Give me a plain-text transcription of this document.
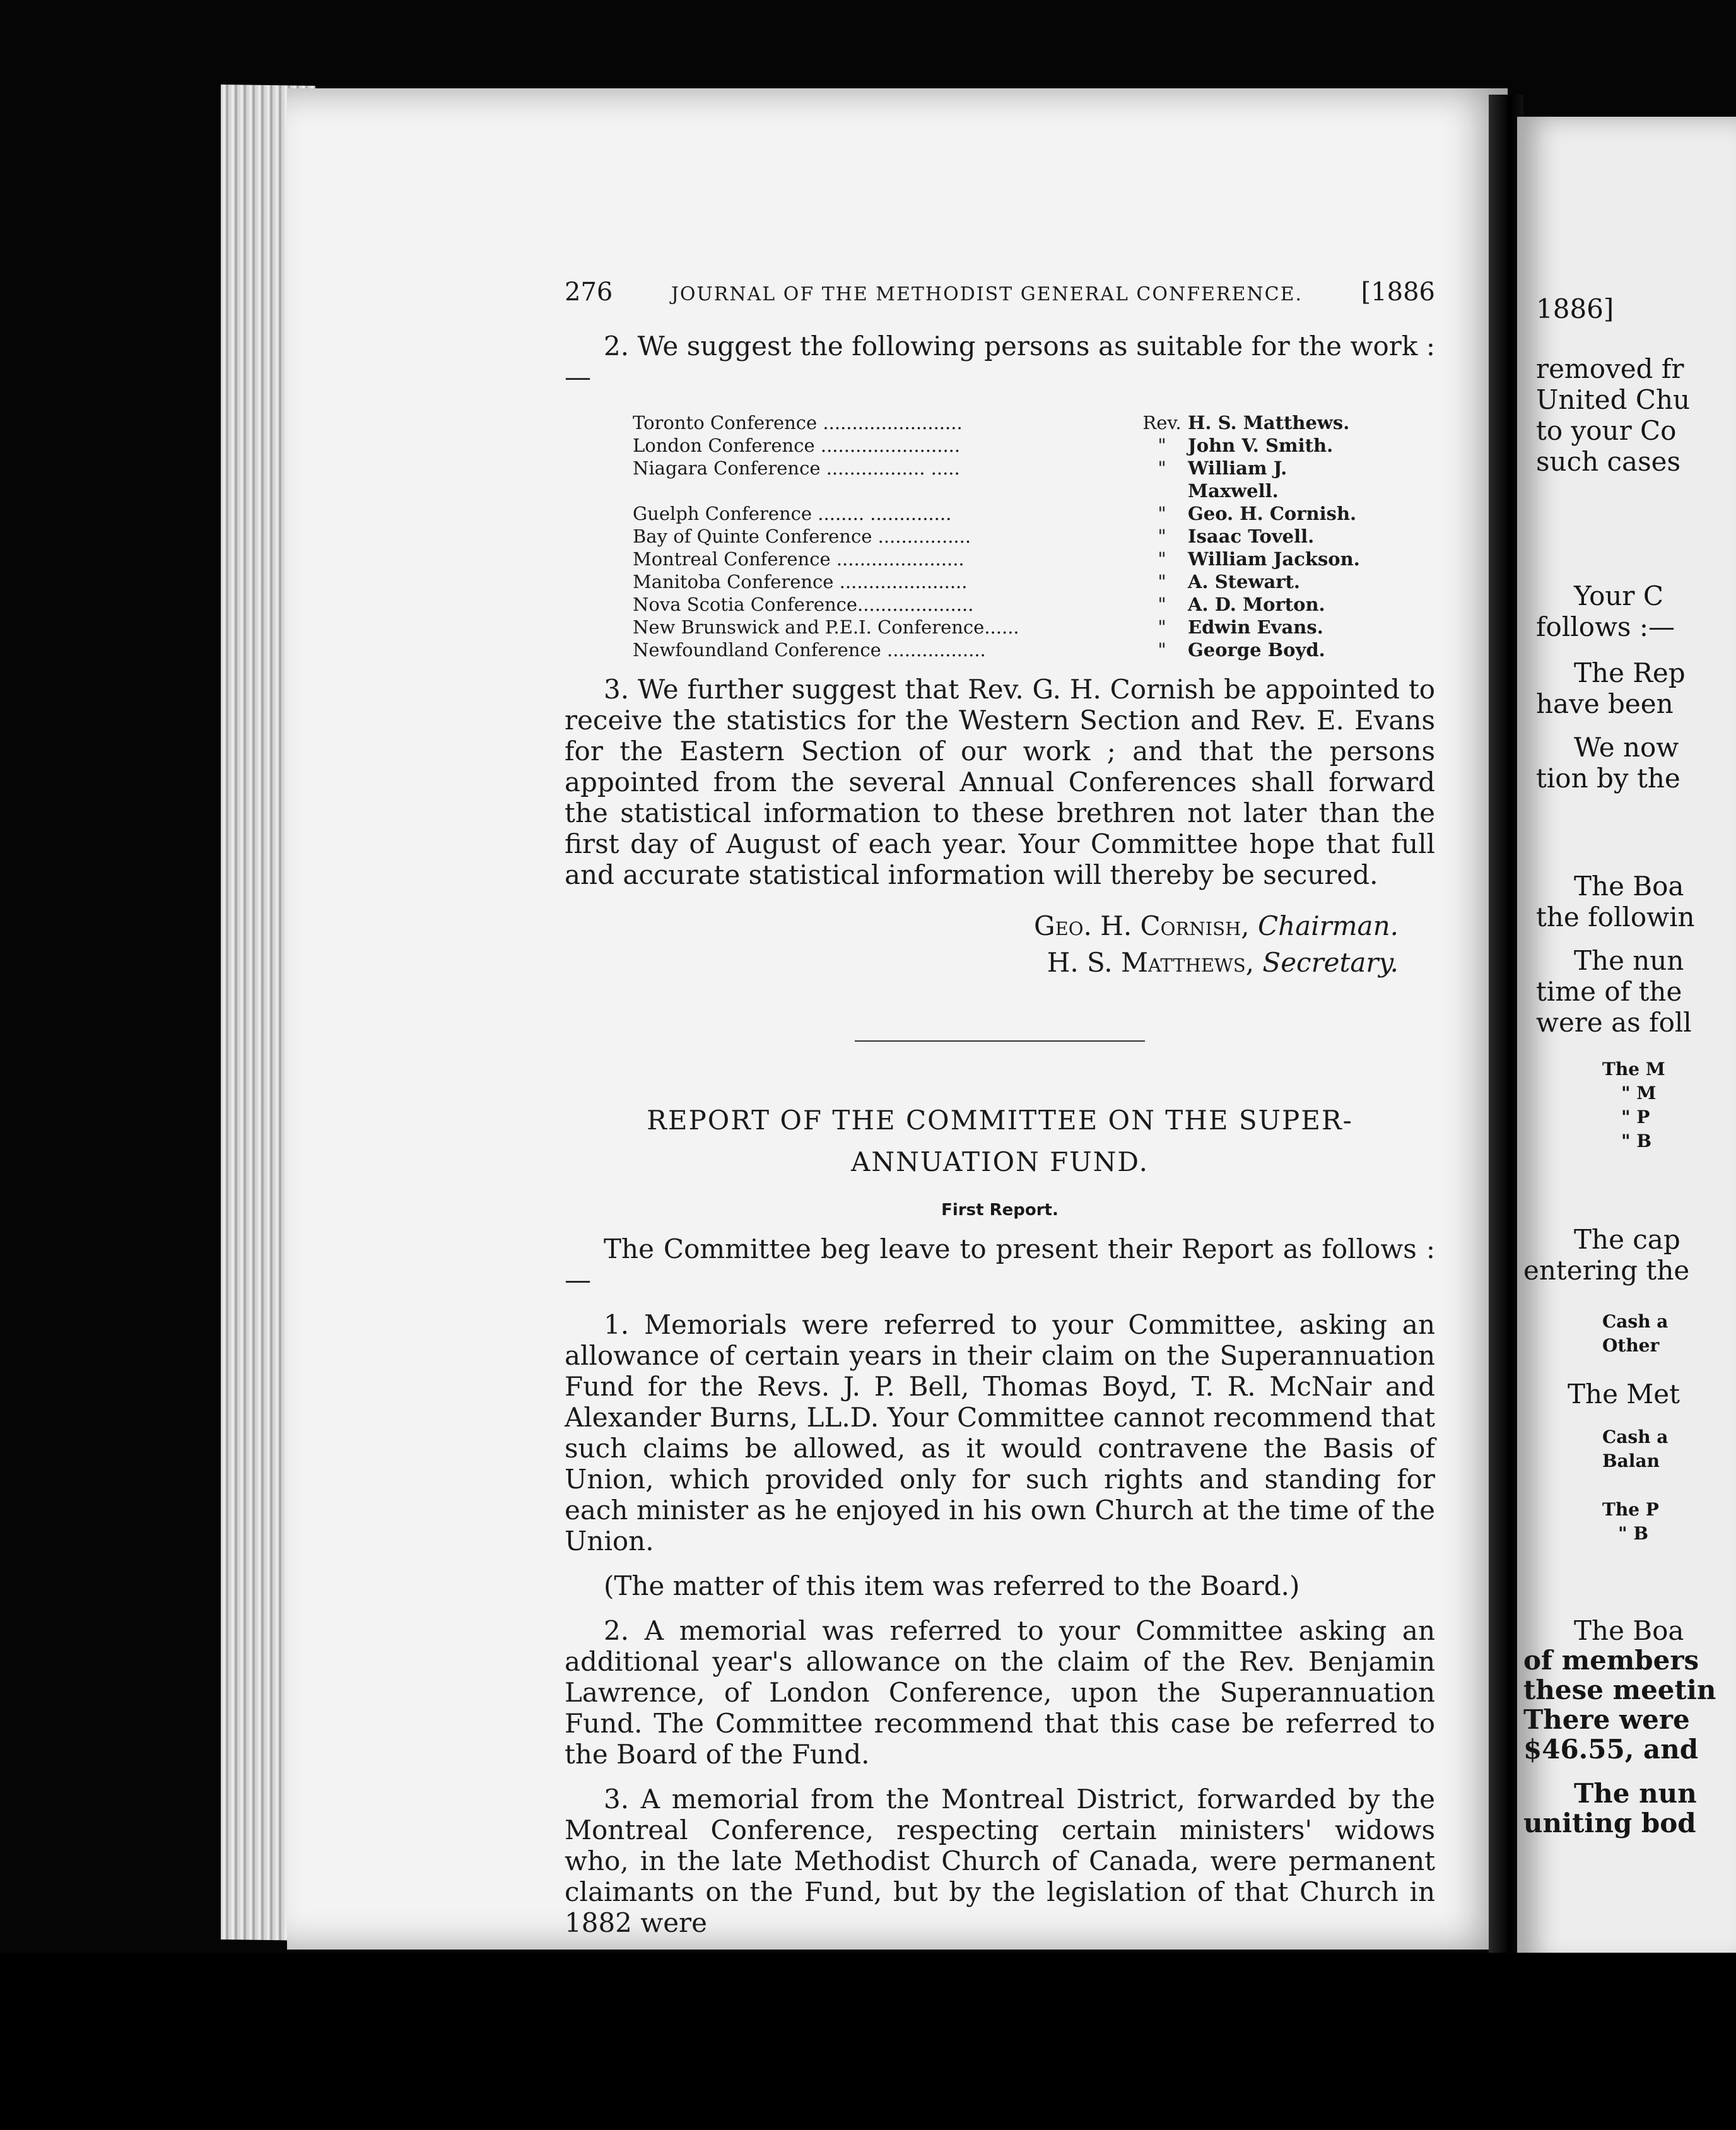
276	JOURNAL OF THE METHODIST GENERAL CONFERENCE. [1886

2. We suggest the following persons as suitable for the work :—

Toronto Conference ........................	Rev. H. S. Matthews.
London Conference ........................	"	John V. Smith.
Niagara Conference ................. .....	"	William J. Maxwell.
Guelph Conference ........ ..............	"	Geo. H. Cornish.
Bay of Quinte Conference ................	"	Isaac Tovell.
Montreal Conference ......................	"	William Jackson.
Manitoba Conference ......................	"	A. Stewart.
Nova Scotia Conference....................	"	A. D. Morton.
New Brunswick and P.E.I. Conference......	"	Edwin Evans.
Newfoundland Conference .................	"	George Boyd.

3. We further suggest that Rev. G. H. Cornish be appointed to receive the statistics for the Western Section and Rev. E. Evans for the Eastern Section of our work ; and that the persons appointed from the several Annual Conferences shall forward the statistical information to these brethren not later than the first day of August of each year. Your Committee hope that full and accurate statistical information will thereby be secured.

Geo. H. Cornish, Chairman.
H. S. Matthews, Secretary.
REPORT OF THE COMMITTEE ON THE SUPER-
ANNUATION FUND.
First Report.

The Committee beg leave to present their Report as follows :—

1. Memorials were referred to your Committee, asking an allowance of certain years in their claim on the Superannuation Fund for the Revs. J. P. Bell, Thomas Boyd, T. R. McNair and Alexander Burns, LL.D. Your Committee cannot recommend that such claims be allowed, as it would contravene the Basis of Union, which provided only for such rights and standing for each minister as he enjoyed in his own Church at the time of the Union.

(The matter of this item was referred to the Board.)

2. A memorial was referred to your Committee asking an additional year's allowance on the claim of the Rev. Benjamin Lawrence, of London Conference, upon the Superannuation Fund. The Committee recommend that this case be referred to the Board of the Fund.

3. A memorial from the Montreal District, forwarded by the Montreal Conference, respecting certain ministers' widows who, in the late Methodist Church of Canada, were permanent claimants on the Fund, but by the legislation of that Church in 1882 were

1886]
removed fr
United Chu
to your Co
such cases
Your C
follows :—
The Rep
have been
We now
tion by the
The Boa
the followin
The nun
time of the
were as foll
The M
" M
" P
" B
The cap
entering the
Cash a
Other
The Met
Cash a
Balan
The P
" B
The Boa
of members
these meetin
There were
$46.55, and
The nun
uniting bod
